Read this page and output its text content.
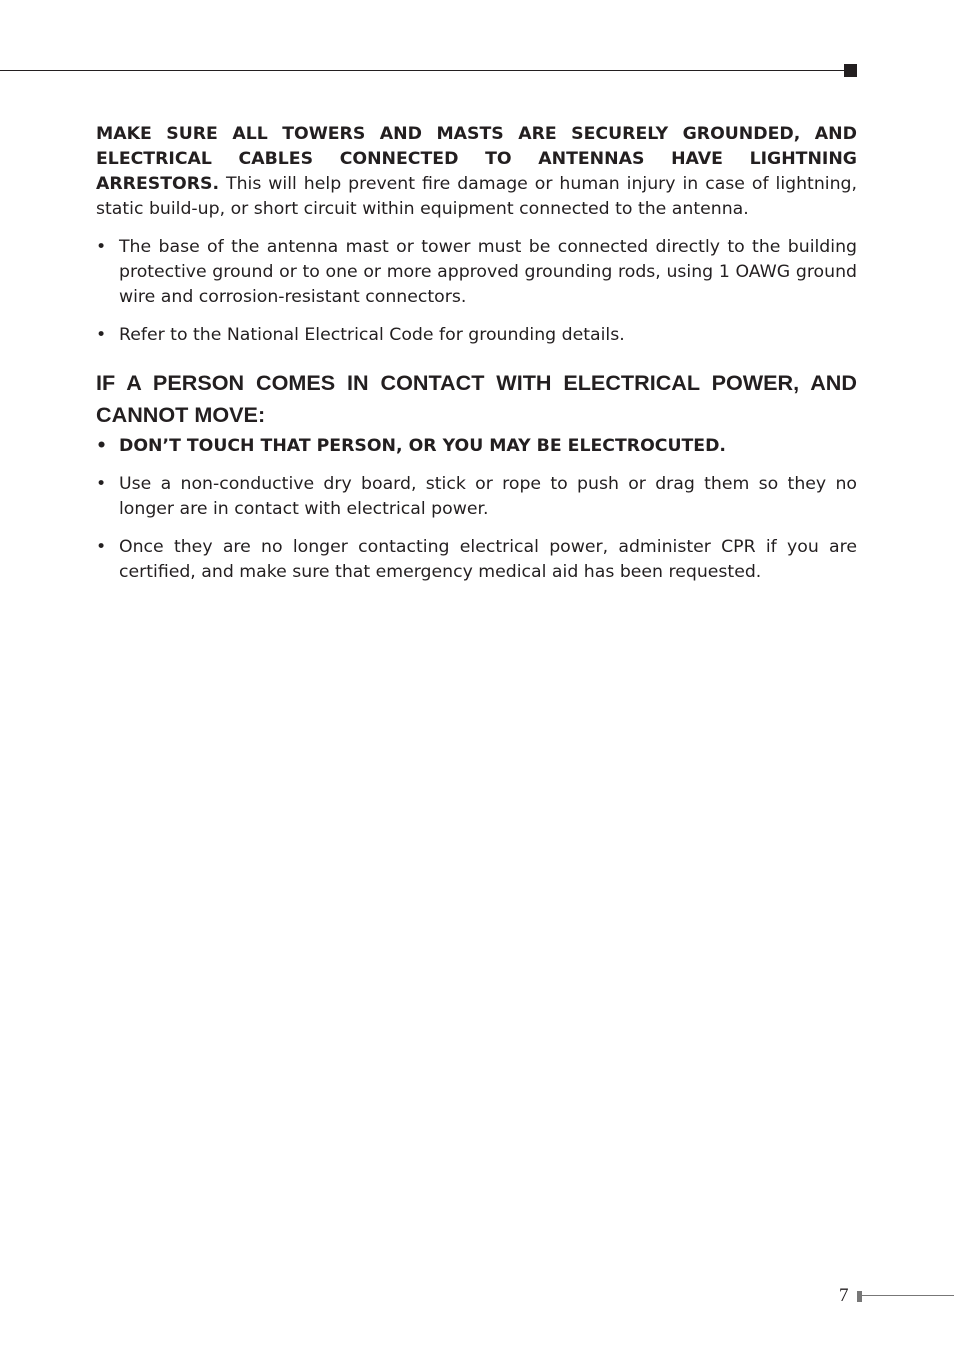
MAKE SURE ALL TOWERS AND MASTS ARE SECURELY GROUNDED, AND ELECTRICAL CABLES CONNECTED TO ANTENNAS HAVE LIGHTNING ARRESTORS. This will help prevent fire damage or human injury in case of lightning, static build-up, or short circuit within equipment connected to the antenna.

• The base of the antenna mast or tower must be connected directly to the building protective ground or to one or more approved grounding rods, using 1 OAWG ground wire and corrosion-resistant connectors.
• Refer to the National Electrical Code for grounding details.
IF A PERSON COMES IN CONTACT WITH ELECTRICAL POWER, AND CANNOT MOVE:
• DON’T TOUCH THAT PERSON, OR YOU MAY BE ELECTROCUTED.
• Use a non-conductive dry board, stick or rope to push or drag them so they no longer are in contact with electrical power.
• Once they are no longer contacting electrical power, administer CPR if you are certified, and make sure that emergency medical aid has been requested.
7
